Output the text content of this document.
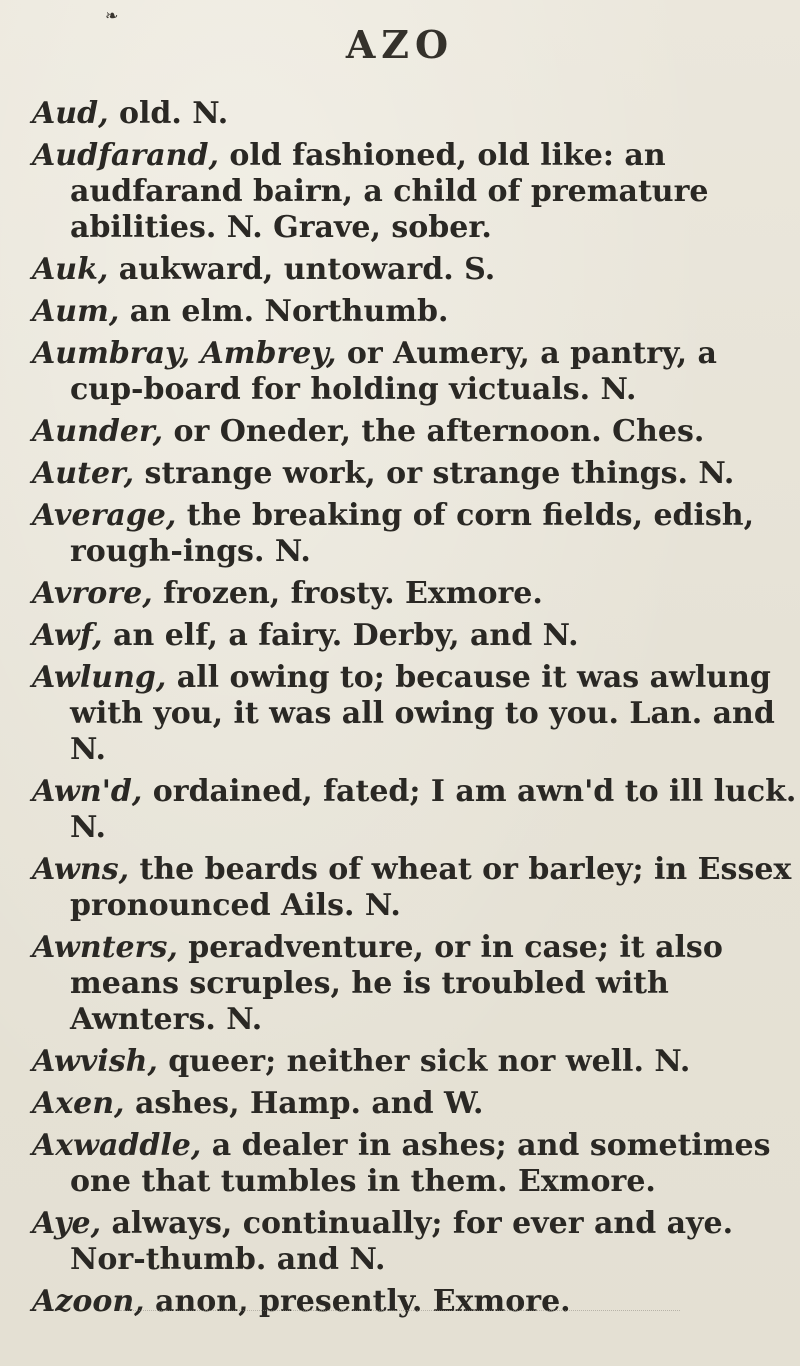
❧
AZO

Aud, old. N.

Audfarand, old fashioned, old like: an audfarand bairn, a child of premature abilities. N. Grave, sober.

Auk, aukward, untoward. S.

Aum, an elm. Northumb.

Aumbray, Ambrey, or Aumery, a pantry, a cup-board for holding victuals. N.

Aunder, or Oneder, the afternoon. Ches.

Auter, strange work, or strange things. N.

Average, the breaking of corn fields, edish, rough-ings. N.

Avrore, frozen, frosty. Exmore.

Awf, an elf, a fairy. Derby, and N.

Awlung, all owing to; because it was awlung with you, it was all owing to you. Lan. and N.

Awn'd, ordained, fated; I am awn'd to ill luck. N.

Awns, the beards of wheat or barley; in Essex pronounced Ails. N.

Awnters, peradventure, or in case; it also means scruples, he is troubled with Awnters. N.

Awvish, queer; neither sick nor well. N.

Axen, ashes, Hamp. and W.

Axwaddle, a dealer in ashes; and sometimes one that tumbles in them. Exmore.

Aye, always, continually; for ever and aye. Nor-thumb. and N.

Azoon, anon, presently. Exmore.
